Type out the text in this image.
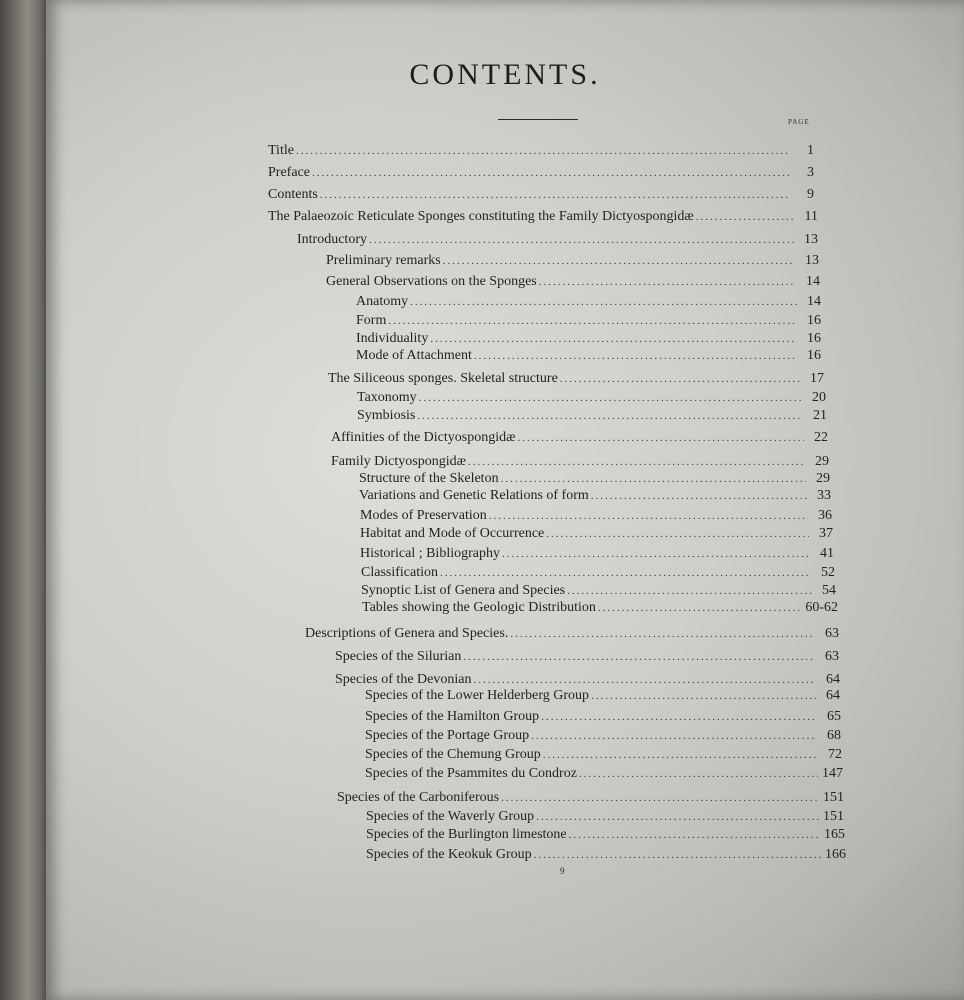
CONTENTS.
PAGE
Title .....	1
Preface .....	3
Contents .....	9
The Palaeozoic Reticulate Sponges constituting the Family Dictyospongidæ .....	11
Introductory .....	13
Preliminary remarks .....	13
General Observations on the Sponges .....	14
Anatomy .....	14
Form .....	16
Individuality .....	16
Mode of Attachment .....	16
The Siliceous sponges. Skeletal structure .....	17
Taxonomy .....	20
Symbiosis .....	21
Affinities of the Dictyospongidæ .....	22
Family Dictyospongidæ .....	29
Structure of the Skeleton .....	29
Variations and Genetic Relations of form .....	33
Modes of Preservation .....	36
Habitat and Mode of Occurrence .....	37
Historical ; Bibliography .....	41
Classification .....	52
Synoptic List of Genera and Species .....	54
Tables showing the Geologic Distribution .....	60-62
Descriptions of Genera and Species. .....	63
Species of the Silurian .....	63
Species of the Devonian .....	64
Species of the Lower Helderberg Group .....	64
Species of the Hamilton Group .....	65
Species of the Portage Group .....	68
Species of the Chemung Group .....	72
Species of the Psammites du Condroz .....	147
Species of the Carboniferous .....	151
Species of the Waverly Group .....	151
Species of the Burlington limestone .....	165
Species of the Keokuk Group .....	166
9
